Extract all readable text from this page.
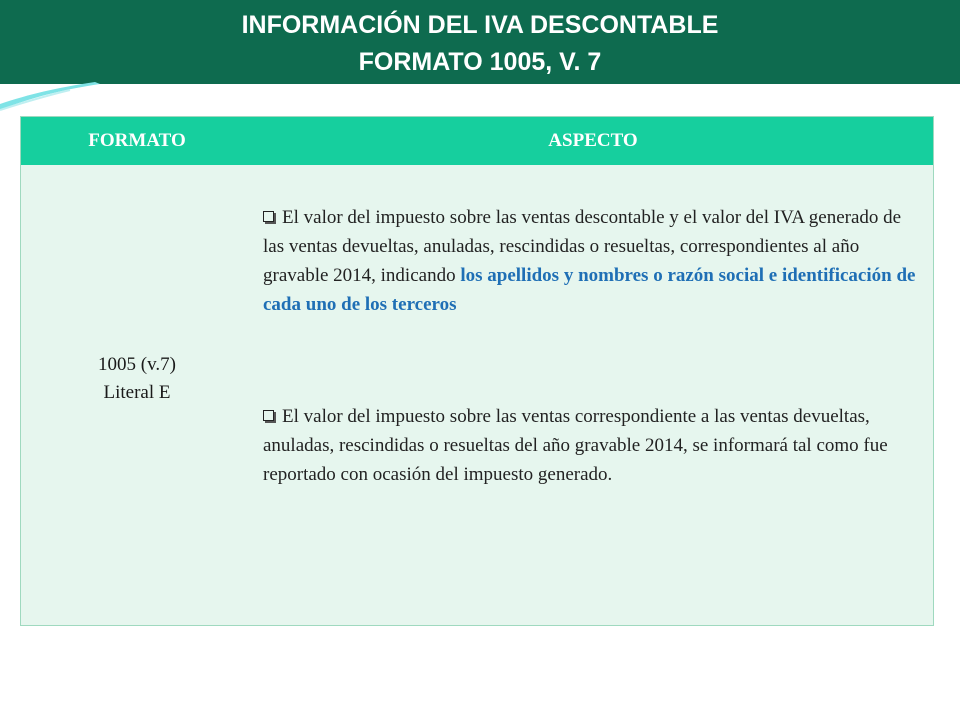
INFORMACIÓN DEL IVA DESCONTABLE
FORMATO 1005, V. 7
FORMATO	ASPECTO
1005 (v.7)
Literal E
El valor del impuesto sobre las ventas descontable y el valor del IVA generado de las ventas devueltas, anuladas, rescindidas o resueltas, correspondientes al año gravable 2014, indicando los apellidos y nombres o razón social e identificación de cada uno de los terceros
El valor del impuesto sobre las ventas correspondiente a las ventas devueltas, anuladas, rescindidas o resueltas del año gravable 2014, se informará tal como fue reportado con ocasión del impuesto generado.
